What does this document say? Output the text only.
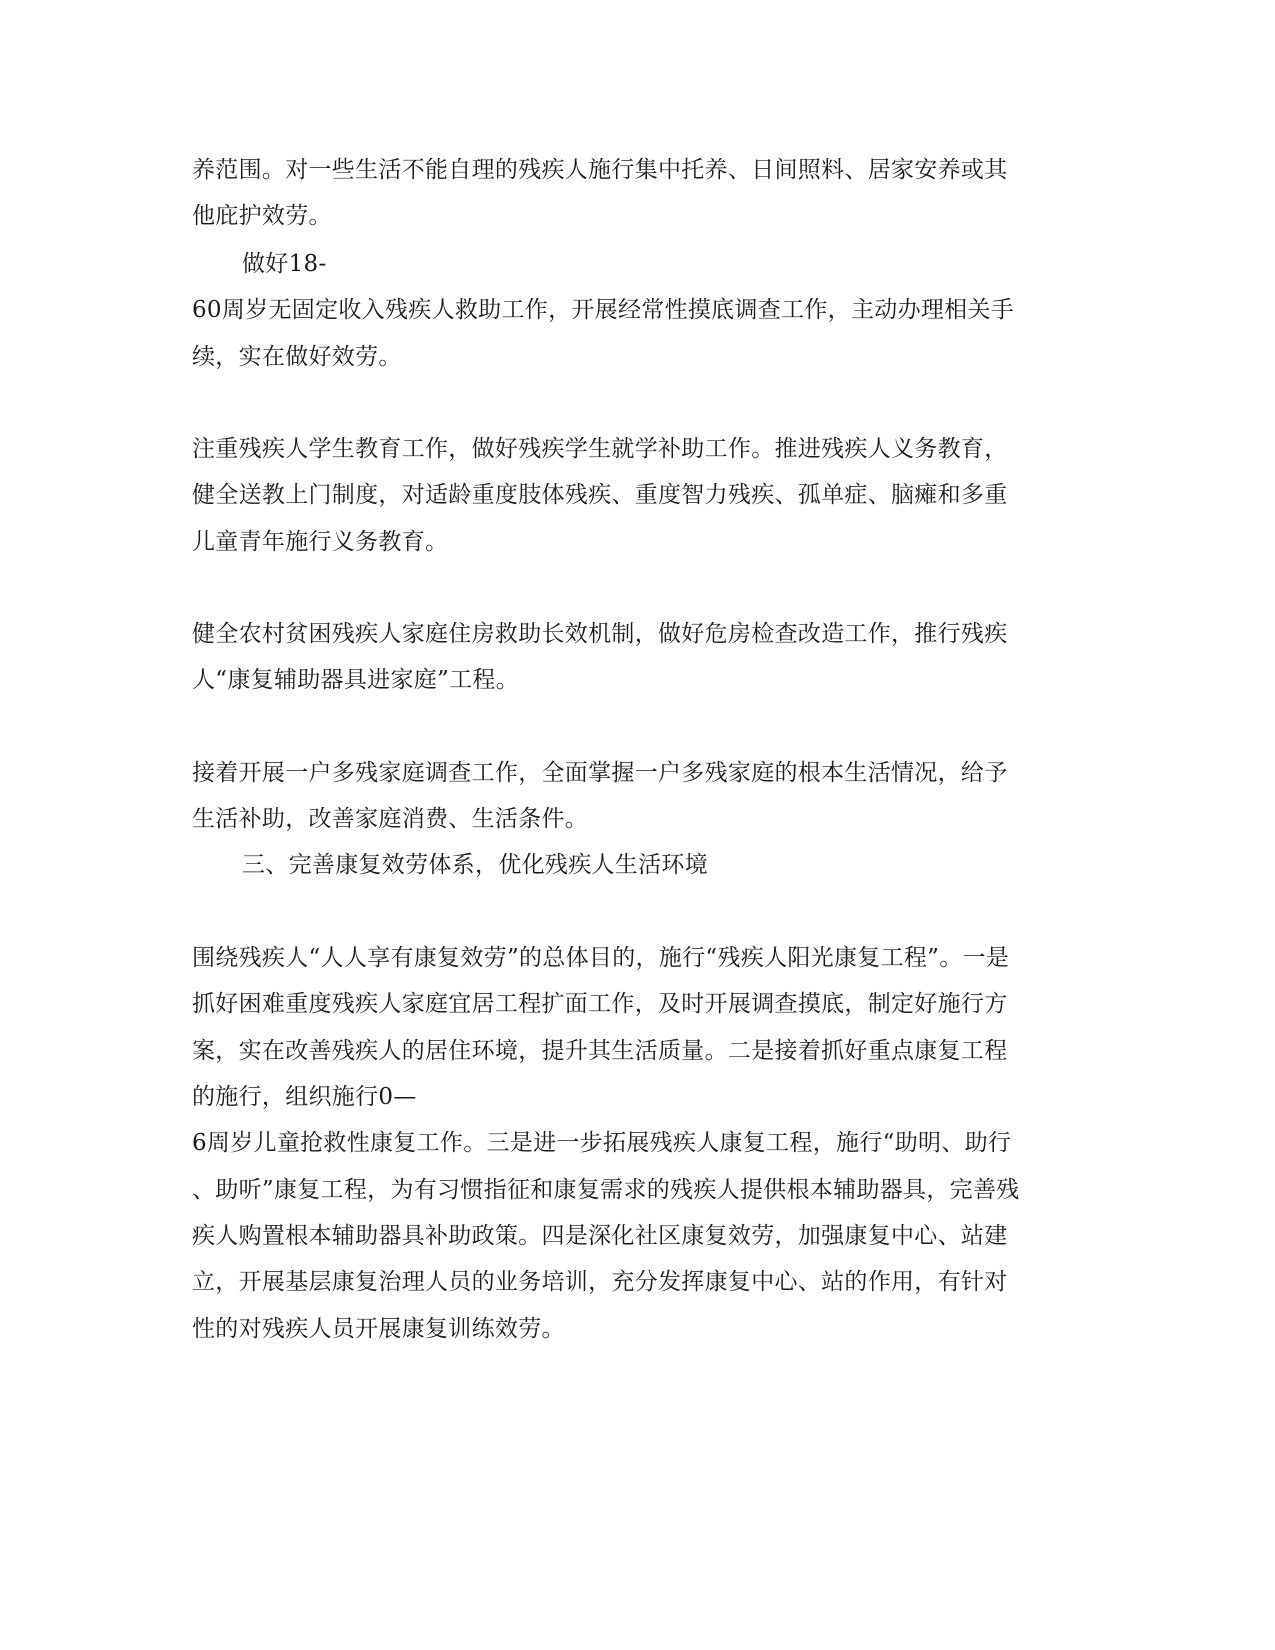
养范围。对一些生活不能自理的残疾人施行集中托养、日间照料、居家安养或其
他庇护效劳。
做好18-
60周岁无固定收入残疾人救助工作，开展经常性摸底调查工作，主动办理相关手
续，实在做好效劳。
注重残疾人学生教育工作，做好残疾学生就学补助工作。推进残疾人义务教育，
健全送教上门制度，对适龄重度肢体残疾、重度智力残疾、孤单症、脑瘫和多重
儿童青年施行义务教育。
健全农村贫困残疾人家庭住房救助长效机制，做好危房检查改造工作，推行残疾
人“康复辅助器具进家庭”工程。
接着开展一户多残家庭调查工作，全面掌握一户多残家庭的根本生活情况，给予
生活补助，改善家庭消费、生活条件。
三、完善康复效劳体系，优化残疾人生活环境
围绕残疾人“人人享有康复效劳”的总体目的，施行“残疾人阳光康复工程”。一是
抓好困难重度残疾人家庭宜居工程扩面工作，及时开展调查摸底，制定好施行方
案，实在改善残疾人的居住环境，提升其生活质量。二是接着抓好重点康复工程
的施行，组织施行0—
6周岁儿童抢救性康复工作。三是进一步拓展残疾人康复工程，施行“助明、助行
、助听”康复工程，为有习惯指征和康复需求的残疾人提供根本辅助器具，完善残
疾人购置根本辅助器具补助政策。四是深化社区康复效劳，加强康复中心、站建
立，开展基层康复治理人员的业务培训，充分发挥康复中心、站的作用，有针对
性的对残疾人员开展康复训练效劳。
